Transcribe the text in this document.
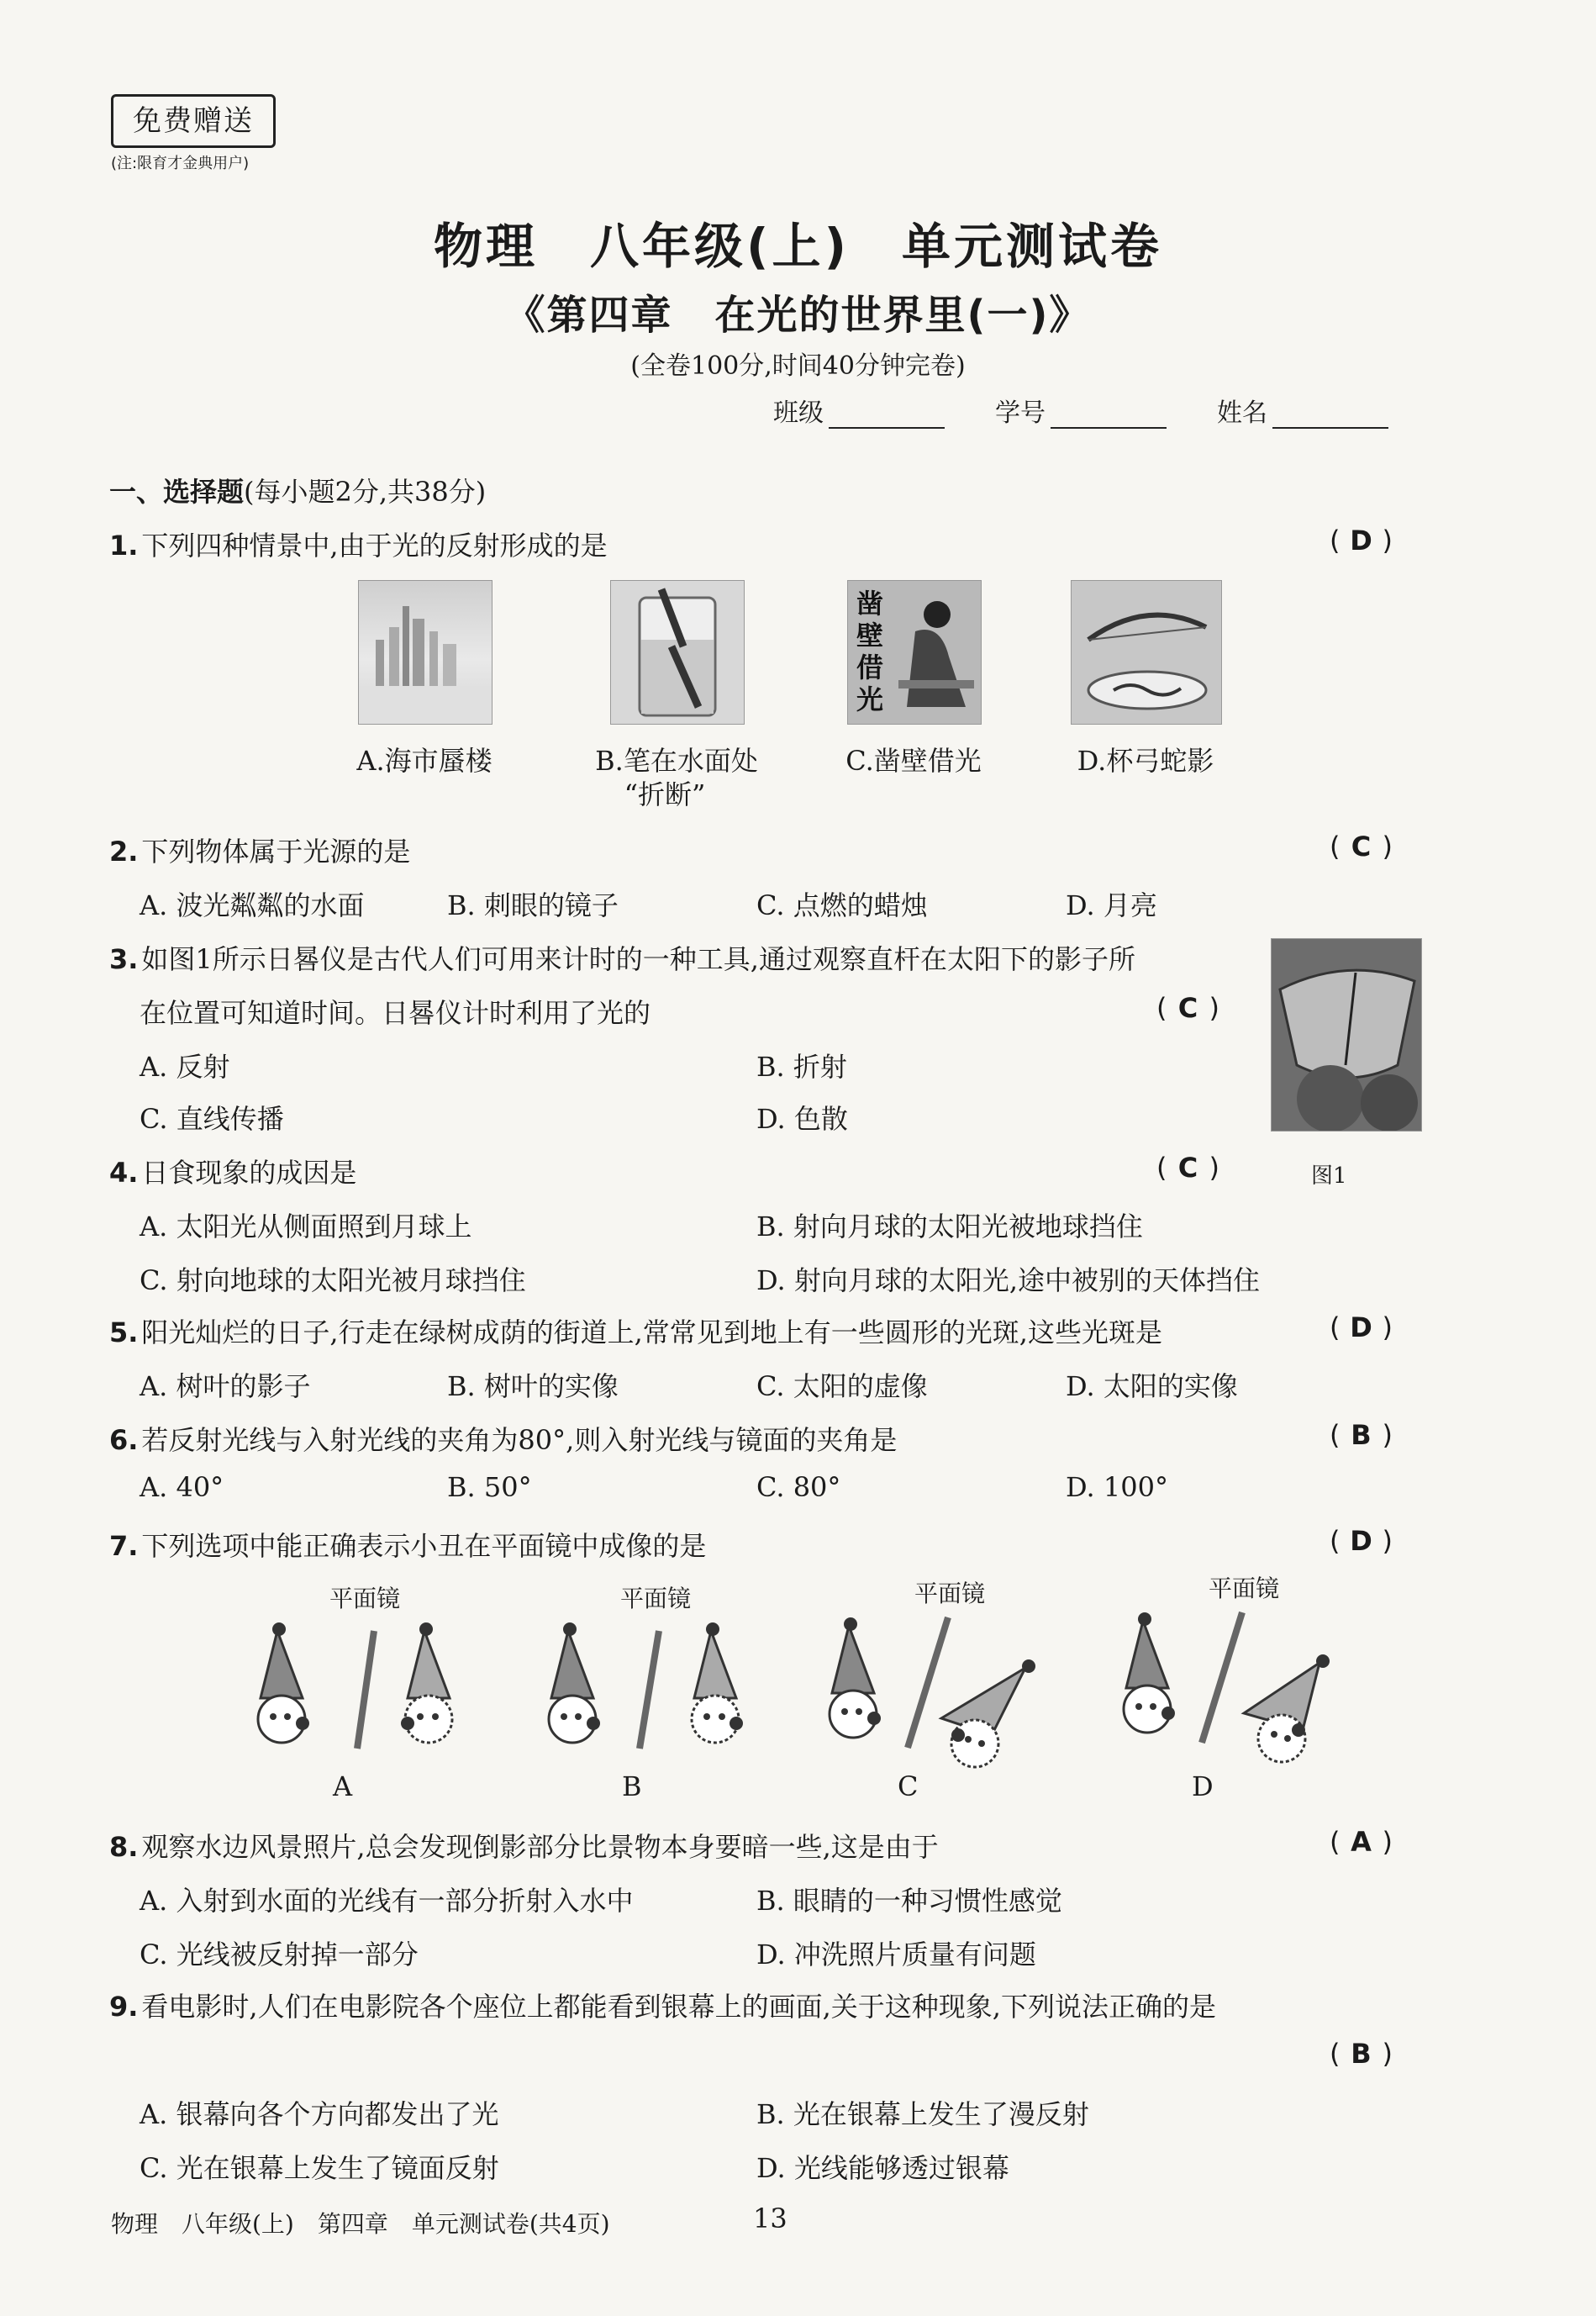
免费赠送
(注:限育才金典用户)
物理　八年级(上)　单元测试卷
《第四章　在光的世界里(一)》
(全卷100分,时间40分钟完卷)
班级	学号	姓名
一、选择题(每小题2分,共38分)
1. 下列四种情景中,由于光的反射形成的是	( D )
凿
壁
借
光
A.海市蜃楼	B.笔在水面处
“折断”
C.凿壁借光	D.杯弓蛇影
2. 下列物体属于光源的是	( C )
A. 波光粼粼的水面	B. 刺眼的镜子	C. 点燃的蜡烛	D. 月亮
3. 如图1所示日晷仪是古代人们可用来计时的一种工具,通过观察直杆在太阳下的影子所
在位置可知道时间。日晷仪计时利用了光的	( C )
A. 反射	B. 折射
C. 直线传播	D. 色散
图1
4. 日食现象的成因是	( C )
A. 太阳光从侧面照到月球上	B. 射向月球的太阳光被地球挡住
C. 射向地球的太阳光被月球挡住	D. 射向月球的太阳光,途中被别的天体挡住
5. 阳光灿烂的日子,行走在绿树成荫的街道上,常常见到地上有一些圆形的光斑,这些光斑是	( D )
A. 树叶的影子	B. 树叶的实像	C. 太阳的虚像	D. 太阳的实像
6. 若反射光线与入射光线的夹角为80°,则入射光线与镜面的夹角是	( B )
A. 40°	B. 50°	C. 80°	D. 100°
7. 下列选项中能正确表示小丑在平面镜中成像的是	( D )
平面镜	平面镜	平面镜	平面镜
A	B	C	D
8. 观察水边风景照片,总会发现倒影部分比景物本身要暗一些,这是由于	( A )
A. 入射到水面的光线有一部分折射入水中	B. 眼睛的一种习惯性感觉
C. 光线被反射掉一部分	D. 冲洗照片质量有问题
9. 看电影时,人们在电影院各个座位上都能看到银幕上的画面,关于这种现象,下列说法正确的是
( B )
A. 银幕向各个方向都发出了光	B. 光在银幕上发生了漫反射
C. 光在银幕上发生了镜面反射	D. 光线能够透过银幕
物理　八年级(上)　第四章　单元测试卷(共4页)	13
